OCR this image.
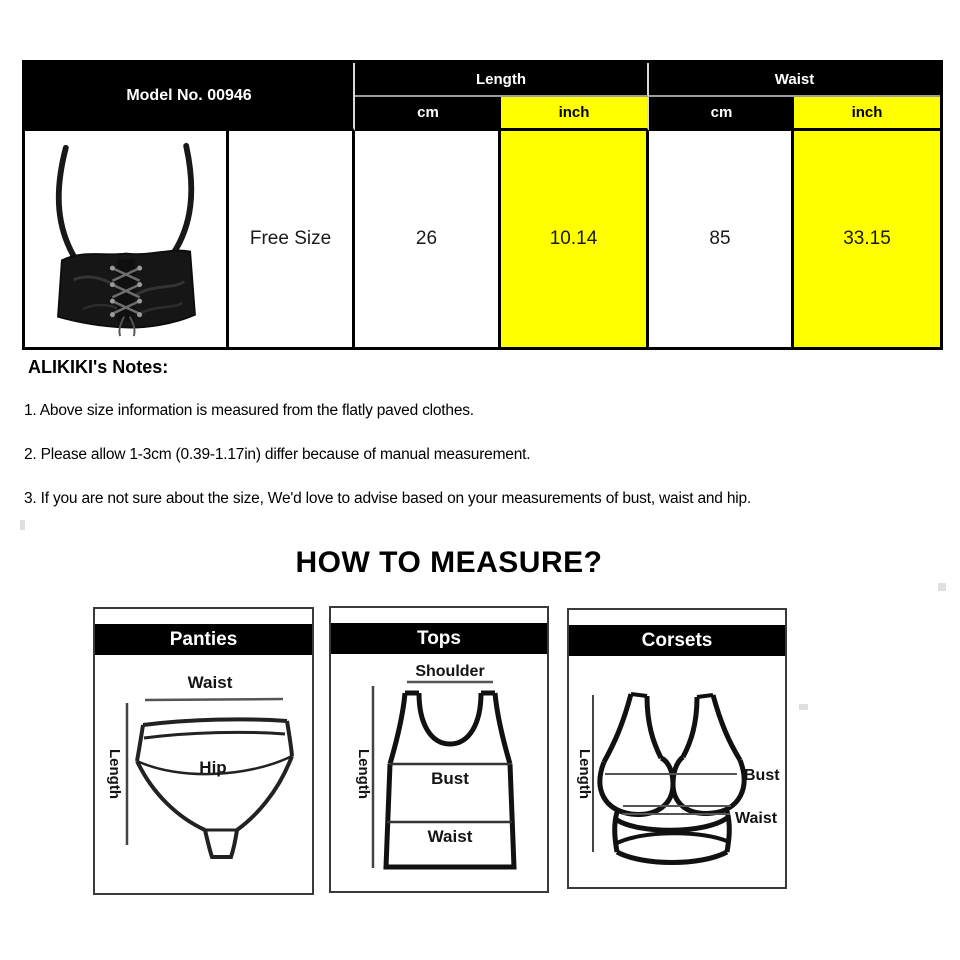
Model No. 00946
Length	Waist
cm	inch	cm	inch
Free Size	26	10.14	85	33.15
ALIKIKI's Notes:
1. Above size information is measured from the flatly paved clothes.
2. Please allow 1-3cm (0.39-1.17in) differ because of manual measurement.
3. If you are not sure about the size, We'd love to advise based on your measurements of bust, waist and hip.
HOW TO MEASURE?
Panties
Waist
Length	Hip
Tops
Shoulder
Length	Bust
Waist
Corsets
Length	Bust
Waist
